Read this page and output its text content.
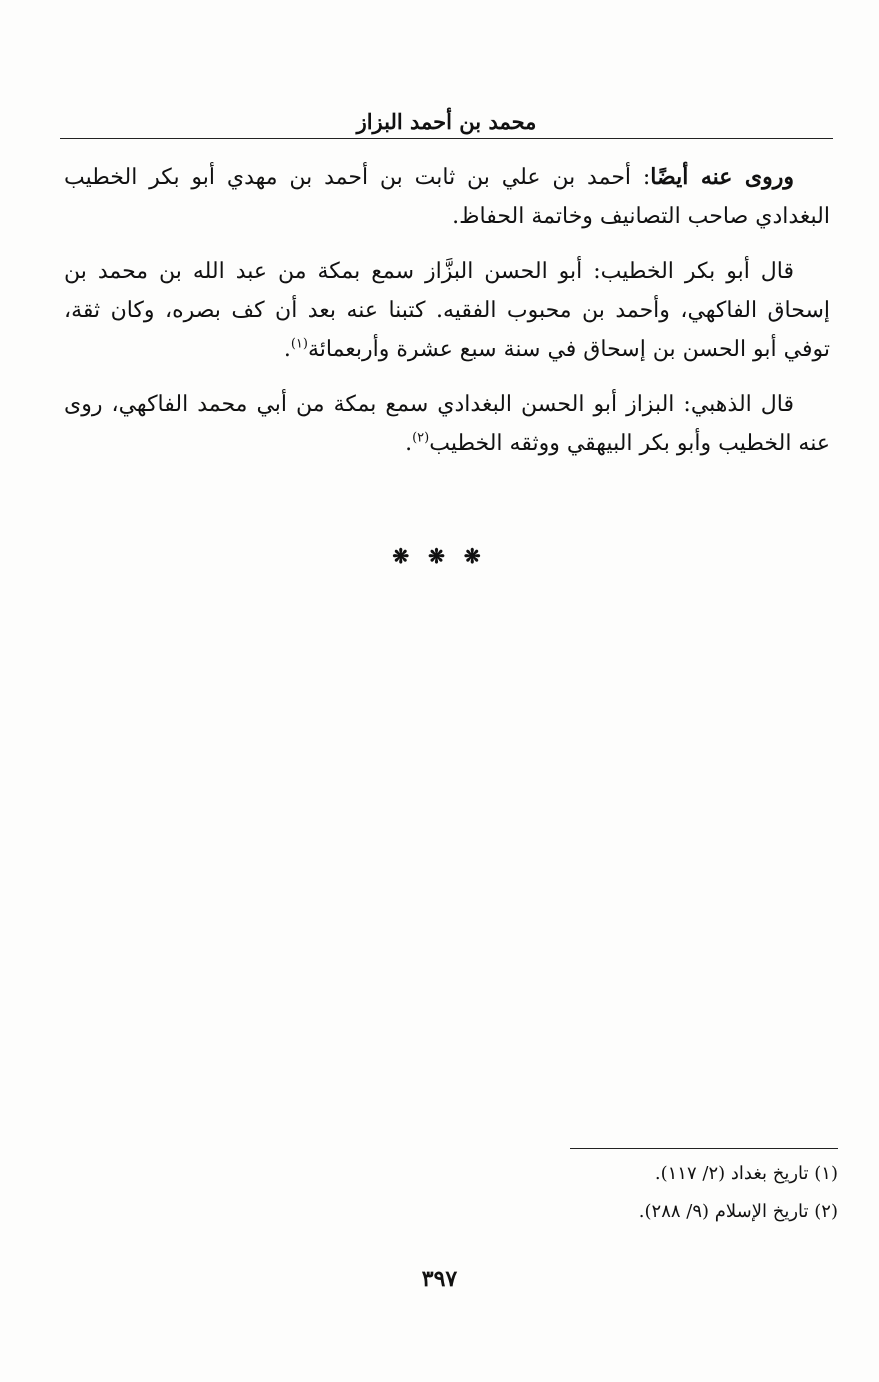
محمد بن أحمد البزاز

وروى عنه أيضًا: أحمد بن علي بن ثابت بن أحمد بن مهدي أبو بكر الخطيب البغدادي صاحب التصانيف وخاتمة الحفاظ.

قال أبو بكر الخطيب: أبو الحسن البزَّاز سمع بمكة من عبد الله بن محمد بن إسحاق الفاكهي، وأحمد بن محبوب الفقيه. كتبنا عنه بعد أن كف بصره، وكان ثقة، توفي أبو الحسن بن إسحاق في سنة سبع عشرة وأربعمائة$^{(١)}$.

قال الذهبي: البزاز أبو الحسن البغدادي سمع بمكة من أبي محمد الفاكهي، روى عنه الخطيب وأبو بكر البيهقي ووثقه الخطيب$^{(٢)}$.

❋ ❋ ❋

(١) تاريخ بغداد (٢/ ١١٧).

(٢) تاريخ الإسلام (٩/ ٢٨٨).

٣٩٧
